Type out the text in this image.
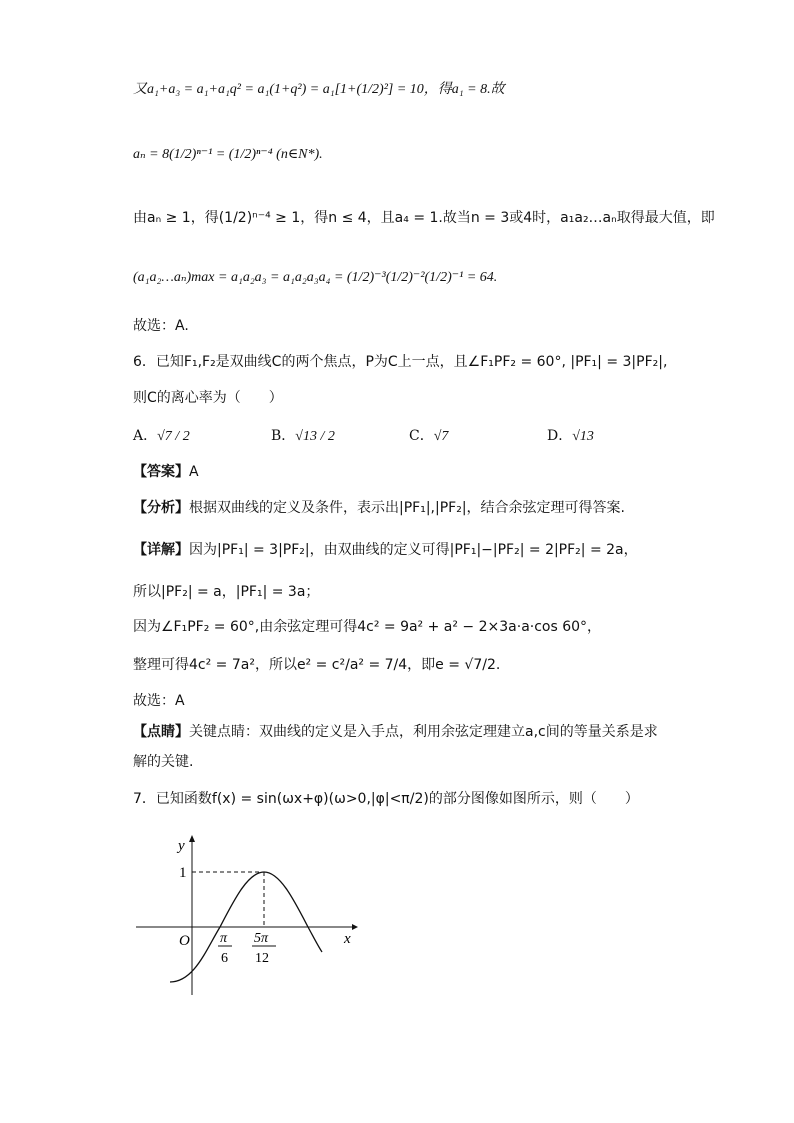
又a₁+a₃ = a₁+a₁q² = a₁(1+q²) = a₁[1+(1/2)²] = 10，得a₁ = 8.故
aₙ = 8(1/2)ⁿ⁻¹ = (1/2)ⁿ⁻⁴ (n∈N*).
由aₙ ≥ 1，得(1/2)ⁿ⁻⁴ ≥ 1，得n ≤ 4，且a₄ = 1.故当n = 3或4时，a₁a₂…aₙ取得最大值，即
(a₁a₂…aₙ)max = a₁a₂a₃ = a₁a₂a₃a₄ = (1/2)⁻³(1/2)⁻²(1/2)⁻¹ = 64.
故选：A.
6．已知F₁,F₂是双曲线C的两个焦点，P为C上一点，且∠F₁PF₂ = 60°, |PF₁| = 3|PF₂|,
则C的离心率为（　　）
A．√7 / 2	B．√13 / 2	C．√7	D．√13
【答案】A
【分析】根据双曲线的定义及条件，表示出|PF₁|,|PF₂|，结合余弦定理可得答案.
【详解】因为|PF₁| = 3|PF₂|，由双曲线的定义可得|PF₁|−|PF₂| = 2|PF₂| = 2a，
所以|PF₂| = a，|PF₁| = 3a；
因为∠F₁PF₂ = 60°,由余弦定理可得4c² = 9a² + a² − 2×3a·a·cos 60°，
整理可得4c² = 7a²，所以e² = c²/a² = 7/4，即e = √7/2.
故选：A
【点睛】关键点睛：双曲线的定义是入手点，利用余弦定理建立a,c间的等量关系是求
解的关键.
7．已知函数f(x) = sin(ωx+φ)(ω>0,|φ|<π/2)的部分图像如图所示，则（　　）
y
x
O
1
π
6
5π
12
